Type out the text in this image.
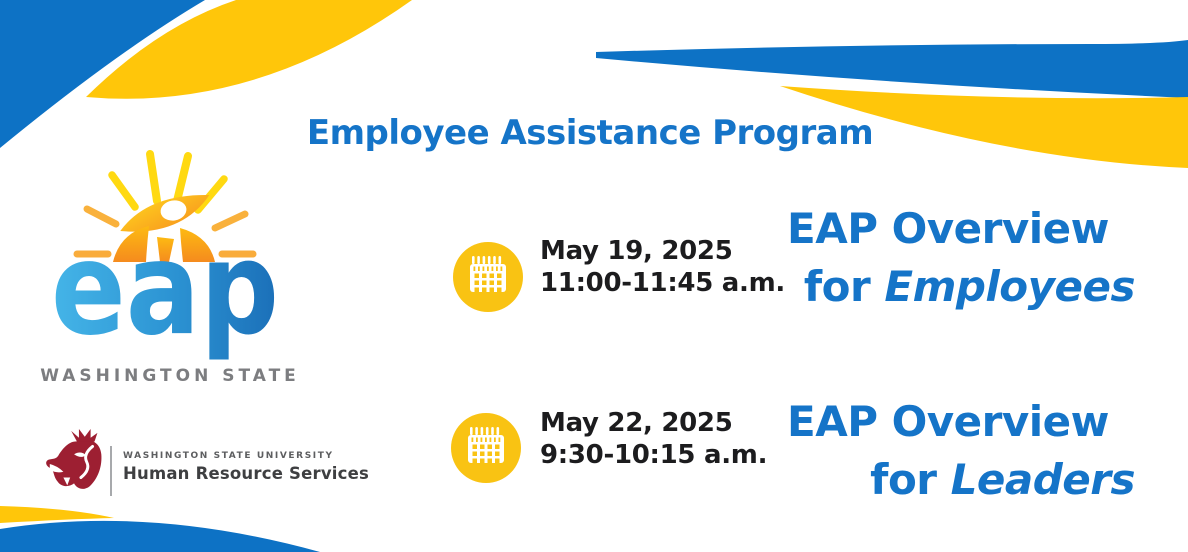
Employee Assistance Program
eap
WASHINGTON STATE
WASHINGTON STATE UNIVERSITY
Human Resource Services
May 19, 2025
11:00-11:45 a.m.
EAP Overview
for Employees
May 22, 2025
9:30-10:15 a.m.
EAP Overview
for Leaders
